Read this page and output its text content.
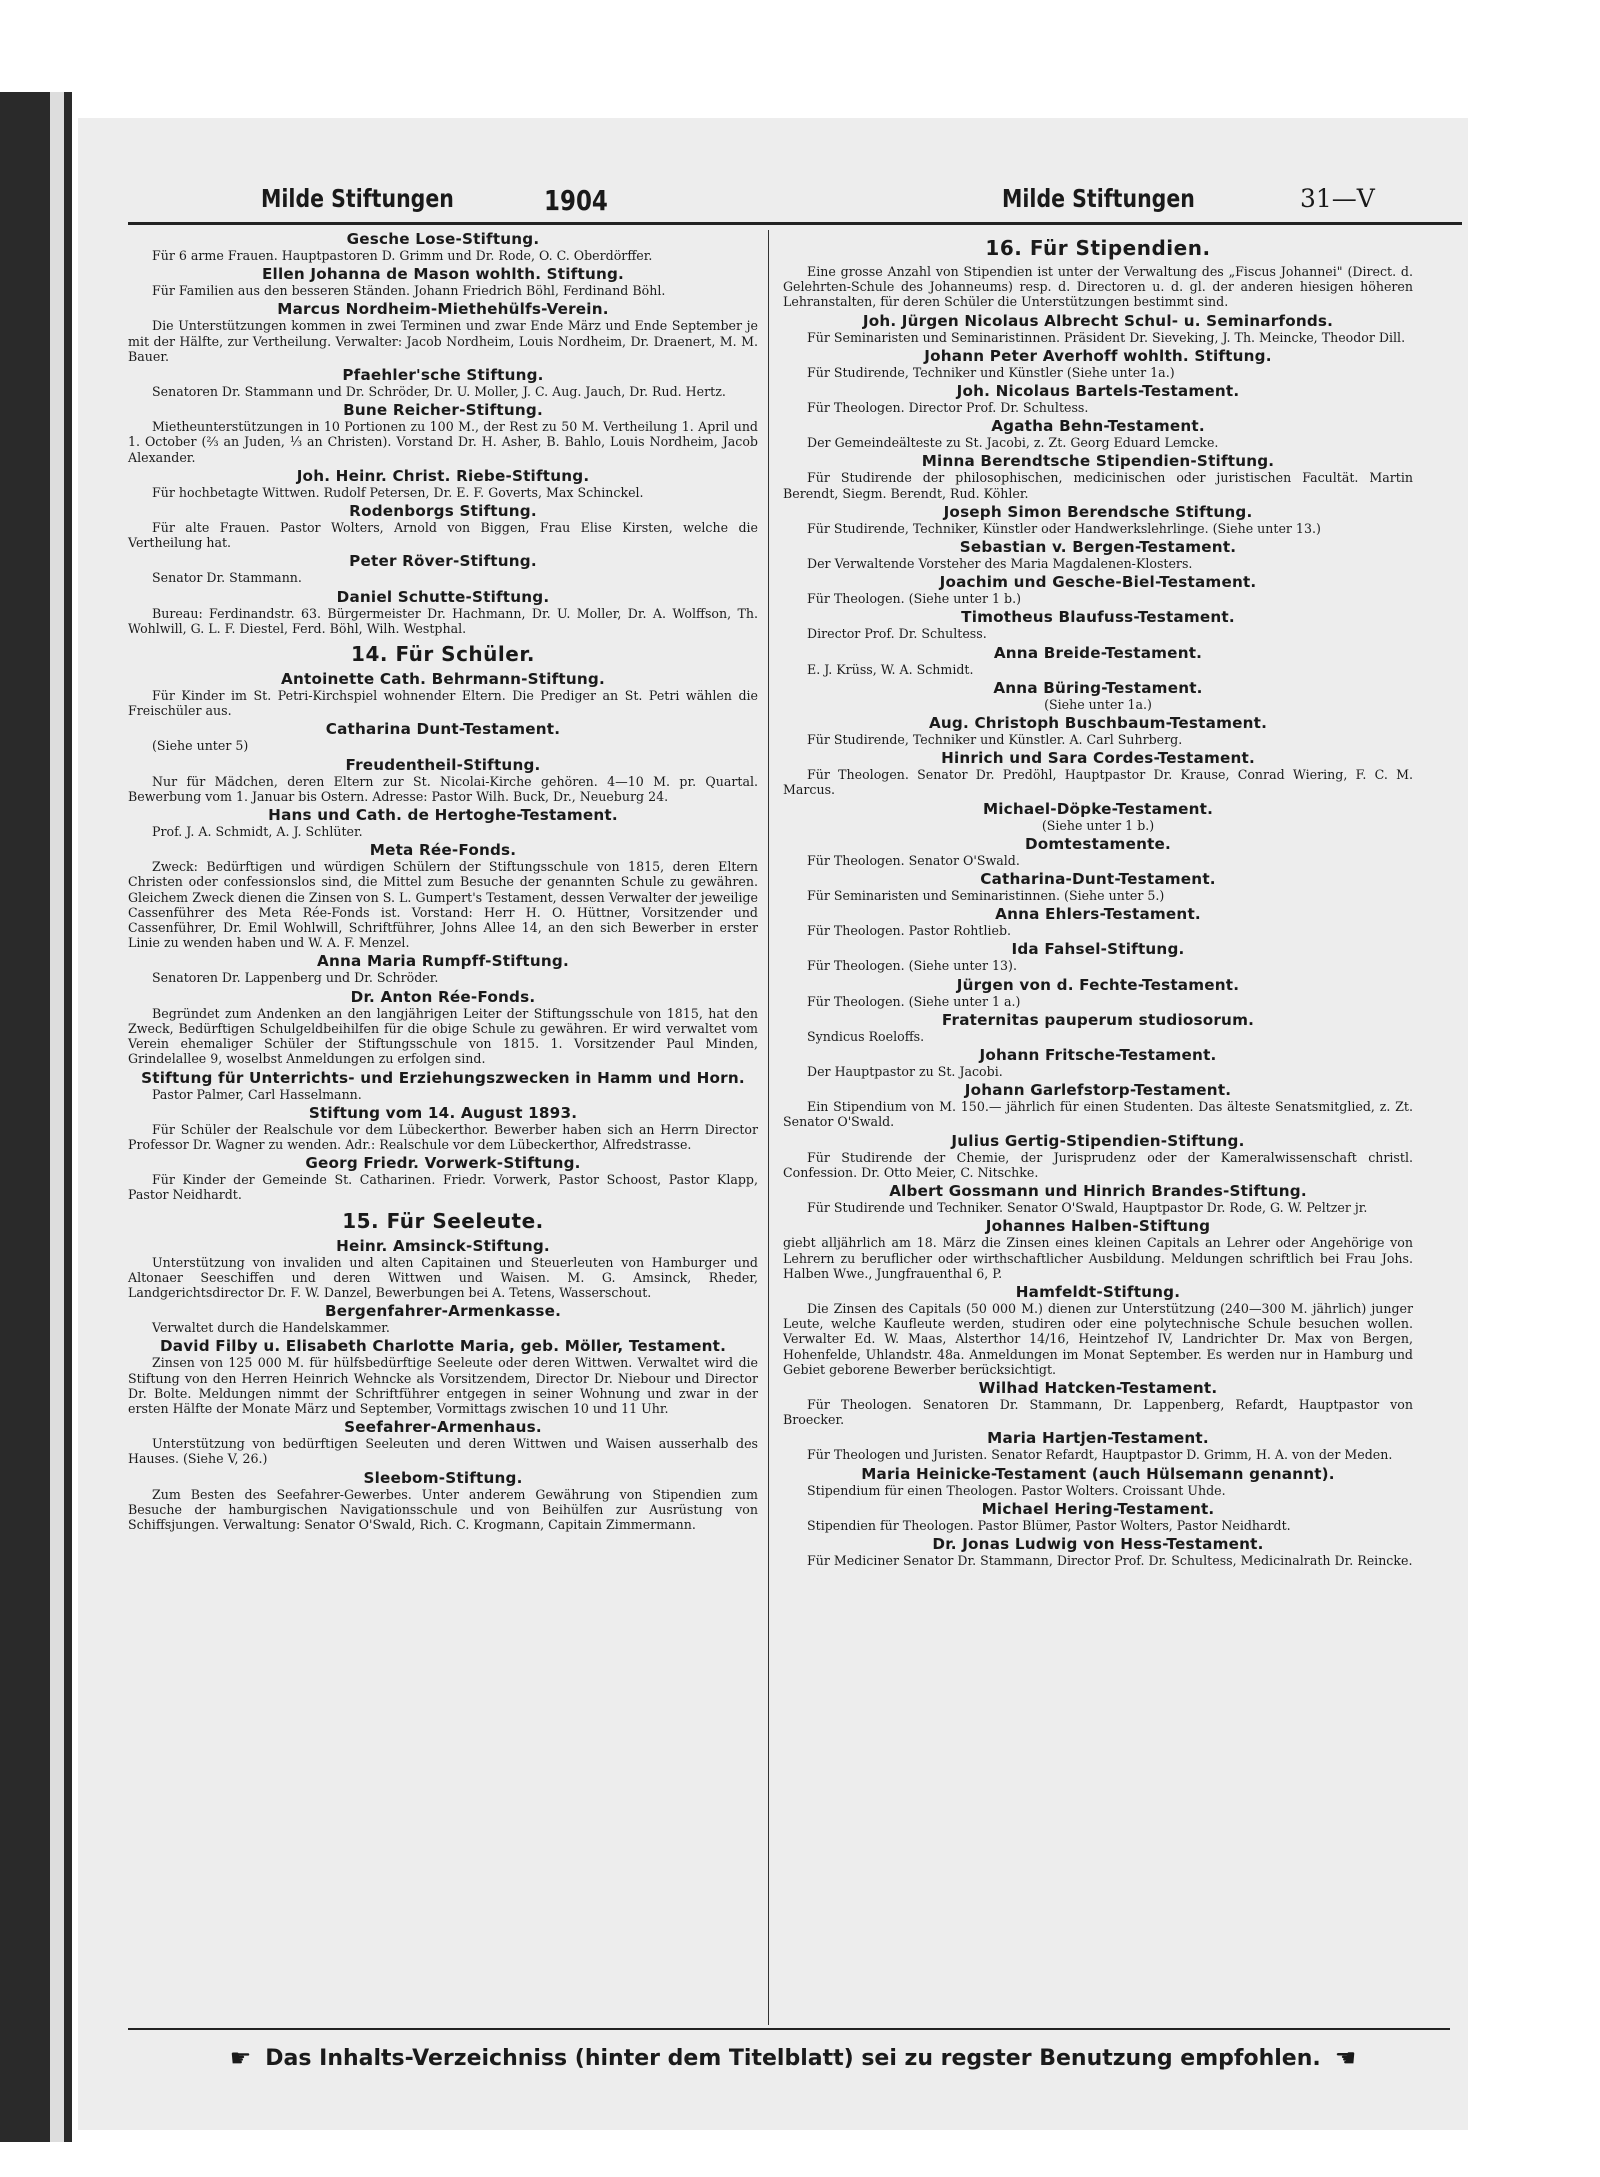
Milde Stiftungen	1904	Milde Stiftungen	31—V
Gesche Lose-Stiftung.
Für 6 arme Frauen. Hauptpastoren D. Grimm und Dr. Rode, O. C. Oberdörffer.
Ellen Johanna de Mason wohlth. Stiftung.
Für Familien aus den besseren Ständen. Johann Friedrich Böhl, Ferdinand Böhl.
Marcus Nordheim-Miethehülfs-Verein.
Die Unterstützungen kommen in zwei Terminen und zwar Ende März und Ende September je mit der Hälfte, zur Vertheilung. Verwalter: Jacob Nordheim, Louis Nordheim, Dr. Draenert, M. M. Bauer.
Pfaehler'sche Stiftung.
Senatoren Dr. Stammann und Dr. Schröder, Dr. U. Moller, J. C. Aug. Jauch, Dr. Rud. Hertz.
Bune Reicher-Stiftung.
Mietheunterstützungen in 10 Portionen zu 100 M., der Rest zu 50 M. Vertheilung 1. April und 1. October (⅔ an Juden, ⅓ an Christen). Vorstand Dr. H. Asher, B. Bahlo, Louis Nordheim, Jacob Alexander.
Joh. Heinr. Christ. Riebe-Stiftung.
Für hochbetagte Wittwen. Rudolf Petersen, Dr. E. F. Goverts, Max Schinckel.
Rodenborgs Stiftung.
Für alte Frauen. Pastor Wolters, Arnold von Biggen, Frau Elise Kirsten, welche die Vertheilung hat.
Peter Röver-Stiftung.
Senator Dr. Stammann.
Daniel Schutte-Stiftung.
Bureau: Ferdinandstr. 63. Bürgermeister Dr. Hachmann, Dr. U. Moller, Dr. A. Wolffson, Th. Wohlwill, G. L. F. Diestel, Ferd. Böhl, Wilh. Westphal.
14. Für Schüler.
Antoinette Cath. Behrmann-Stiftung.
Für Kinder im St. Petri-Kirchspiel wohnender Eltern. Die Prediger an St. Petri wählen die Freischüler aus.
Catharina Dunt-Testament.
(Siehe unter 5)
Freudentheil-Stiftung.
Nur für Mädchen, deren Eltern zur St. Nicolai-Kirche gehören. 4—10 M. pr. Quartal. Bewerbung vom 1. Januar bis Ostern. Adresse: Pastor Wilh. Buck, Dr., Neueburg 24.
Hans und Cath. de Hertoghe-Testament.
Prof. J. A. Schmidt, A. J. Schlüter.
Meta Rée-Fonds.
Zweck: Bedürftigen und würdigen Schülern der Stiftungsschule von 1815, deren Eltern Christen oder confessionslos sind, die Mittel zum Besuche der genannten Schule zu gewähren. Gleichem Zweck dienen die Zinsen von S. L. Gumpert's Testament, dessen Verwalter der jeweilige Cassenführer des Meta Rée-Fonds ist. Vorstand: Herr H. O. Hüttner, Vorsitzender und Cassenführer, Dr. Emil Wohlwill, Schriftführer, Johns Allee 14, an den sich Bewerber in erster Linie zu wenden haben und W. A. F. Menzel.
Anna Maria Rumpff-Stiftung.
Senatoren Dr. Lappenberg und Dr. Schröder.
Dr. Anton Rée-Fonds.
Begründet zum Andenken an den langjährigen Leiter der Stiftungsschule von 1815, hat den Zweck, Bedürftigen Schulgeldbeihilfen für die obige Schule zu gewähren. Er wird verwaltet vom Verein ehemaliger Schüler der Stiftungsschule von 1815. 1. Vorsitzender Paul Minden, Grindelallee 9, woselbst Anmeldungen zu erfolgen sind.
Stiftung für Unterrichts- und Erziehungszwecken in Hamm und Horn.
Pastor Palmer, Carl Hasselmann.
Stiftung vom 14. August 1893.
Für Schüler der Realschule vor dem Lübeckerthor. Bewerber haben sich an Herrn Director Professor Dr. Wagner zu wenden. Adr.: Realschule vor dem Lübeckerthor, Alfredstrasse.
Georg Friedr. Vorwerk-Stiftung.
Für Kinder der Gemeinde St. Catharinen. Friedr. Vorwerk, Pastor Schoost, Pastor Klapp, Pastor Neidhardt.
15. Für Seeleute.
Heinr. Amsinck-Stiftung.
Unterstützung von invaliden und alten Capitainen und Steuerleuten von Hamburger und Altonaer Seeschiffen und deren Wittwen und Waisen. M. G. Amsinck, Rheder, Landgerichtsdirector Dr. F. W. Danzel, Bewerbungen bei A. Tetens, Wasserschout.
Bergenfahrer-Armenkasse.
Verwaltet durch die Handelskammer.
David Filby u. Elisabeth Charlotte Maria, geb. Möller, Testament.
Zinsen von 125 000 M. für hülfsbedürftige Seeleute oder deren Wittwen. Verwaltet wird die Stiftung von den Herren Heinrich Wehncke als Vorsitzendem, Director Dr. Niebour und Director Dr. Bolte. Meldungen nimmt der Schriftführer entgegen in seiner Wohnung und zwar in der ersten Hälfte der Monate März und September, Vormittags zwischen 10 und 11 Uhr.
Seefahrer-Armenhaus.
Unterstützung von bedürftigen Seeleuten und deren Wittwen und Waisen ausserhalb des Hauses. (Siehe V, 26.)
Sleebom-Stiftung.
Zum Besten des Seefahrer-Gewerbes. Unter anderem Gewährung von Stipendien zum Besuche der hamburgischen Navigationsschule und von Beihülfen zur Ausrüstung von Schiffsjungen. Verwaltung: Senator O'Swald, Rich. C. Krogmann, Capitain Zimmermann.
16. Für Stipendien.
Eine grosse Anzahl von Stipendien ist unter der Verwaltung des „Fiscus Johannei" (Direct. d. Gelehrten-Schule des Johanneums) resp. d. Directoren u. d. gl. der anderen hiesigen höheren Lehranstalten, für deren Schüler die Unterstützungen bestimmt sind.
Joh. Jürgen Nicolaus Albrecht Schul- u. Seminarfonds.
Für Seminaristen und Seminaristinnen. Präsident Dr. Sieveking, J. Th. Meincke, Theodor Dill.
Johann Peter Averhoff wohlth. Stiftung.
Für Studirende, Techniker und Künstler (Siehe unter 1a.)
Joh. Nicolaus Bartels-Testament.
Für Theologen. Director Prof. Dr. Schultess.
Agatha Behn-Testament.
Der Gemeindeälteste zu St. Jacobi, z. Zt. Georg Eduard Lemcke.
Minna Berendtsche Stipendien-Stiftung.
Für Studirende der philosophischen, medicinischen oder juristischen Facultät. Martin Berendt, Siegm. Berendt, Rud. Köhler.
Joseph Simon Berendsche Stiftung.
Für Studirende, Techniker, Künstler oder Handwerkslehrlinge. (Siehe unter 13.)
Sebastian v. Bergen-Testament.
Der Verwaltende Vorsteher des Maria Magdalenen-Klosters.
Joachim und Gesche-Biel-Testament.
Für Theologen. (Siehe unter 1 b.)
Timotheus Blaufuss-Testament.
Director Prof. Dr. Schultess.
Anna Breide-Testament.
E. J. Krüss, W. A. Schmidt.
Anna Büring-Testament.
(Siehe unter 1a.)
Aug. Christoph Buschbaum-Testament.
Für Studirende, Techniker und Künstler. A. Carl Suhrberg.
Hinrich und Sara Cordes-Testament.
Für Theologen. Senator Dr. Predöhl, Hauptpastor Dr. Krause, Conrad Wiering, F. C. M. Marcus.
Michael-Döpke-Testament.
(Siehe unter 1 b.)
Domtestamente.
Für Theologen. Senator O'Swald.
Catharina-Dunt-Testament.
Für Seminaristen und Seminaristinnen. (Siehe unter 5.)
Anna Ehlers-Testament.
Für Theologen. Pastor Rohtlieb.
Ida Fahsel-Stiftung.
Für Theologen. (Siehe unter 13).
Jürgen von d. Fechte-Testament.
Für Theologen. (Siehe unter 1 a.)
Fraternitas pauperum studiosorum.
Syndicus Roeloffs.
Johann Fritsche-Testament.
Der Hauptpastor zu St. Jacobi.
Johann Garlefstorp-Testament.
Ein Stipendium von M. 150.— jährlich für einen Studenten. Das älteste Senatsmitglied, z. Zt. Senator O'Swald.
Julius Gertig-Stipendien-Stiftung.
Für Studirende der Chemie, der Jurisprudenz oder der Kameralwissenschaft christl. Confession. Dr. Otto Meier, C. Nitschke.
Albert Gossmann und Hinrich Brandes-Stiftung.
Für Studirende und Techniker. Senator O'Swald, Hauptpastor Dr. Rode, G. W. Peltzer jr.
Johannes Halben-Stiftung
giebt alljährlich am 18. März die Zinsen eines kleinen Capitals an Lehrer oder Angehörige von Lehrern zu beruflicher oder wirthschaftlicher Ausbildung. Meldungen schriftlich bei Frau Johs. Halben Wwe., Jungfrauenthal 6, P.
Hamfeldt-Stiftung.
Die Zinsen des Capitals (50 000 M.) dienen zur Unterstützung (240—300 M. jährlich) junger Leute, welche Kaufleute werden, studiren oder eine polytechnische Schule besuchen wollen. Verwalter Ed. W. Maas, Alsterthor 14/16, Heintzehof IV, Landrichter Dr. Max von Bergen, Hohenfelde, Uhlandstr. 48a. Anmeldungen im Monat September. Es werden nur in Hamburg und Gebiet geborene Bewerber berücksichtigt.
Wilhad Hatcken-Testament.
Für Theologen. Senatoren Dr. Stammann, Dr. Lappenberg, Refardt, Hauptpastor von Broecker.
Maria Hartjen-Testament.
Für Theologen und Juristen. Senator Refardt, Hauptpastor D. Grimm, H. A. von der Meden.
Maria Heinicke-Testament (auch Hülsemann genannt).
Stipendium für einen Theologen. Pastor Wolters. Croissant Uhde.
Michael Hering-Testament.
Stipendien für Theologen. Pastor Blümer, Pastor Wolters, Pastor Neidhardt.
Dr. Jonas Ludwig von Hess-Testament.
Für Mediciner Senator Dr. Stammann, Director Prof. Dr. Schultess, Medicinalrath Dr. Reincke.
☛ Das Inhalts-Verzeichniss (hinter dem Titelblatt) sei zu regster Benutzung empfohlen. ☚
